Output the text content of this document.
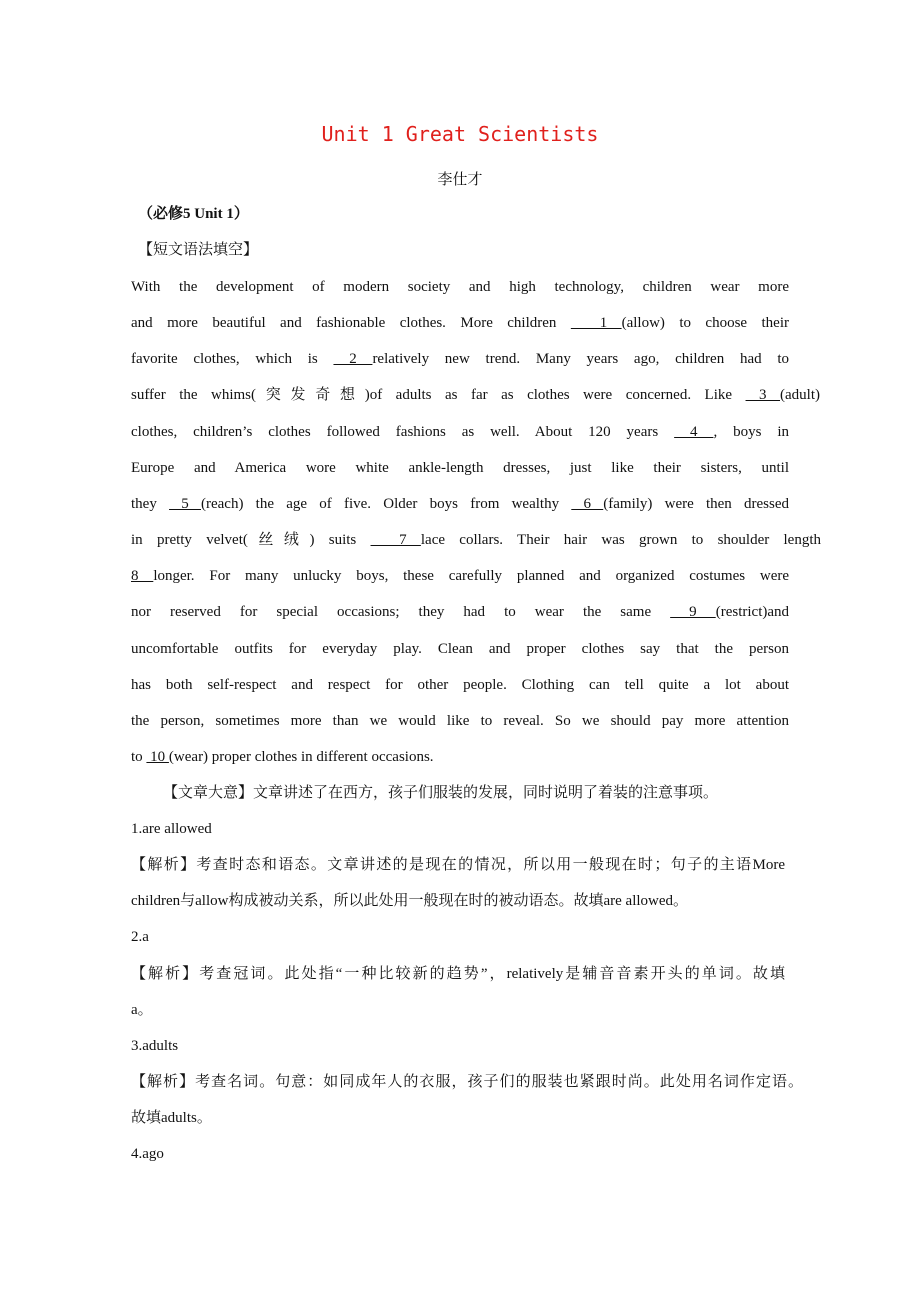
Unit 1 Great Scientists
李仕才
（必修5 Unit 1）
【短文语法填空】
With the development of modern society and high technology, children wear more
and more beautiful and fashionable clothes. More children   1 (allow) to choose their
favorite clothes, which is  2 relatively new trend. Many years ago, children had to
suffer the whims(突发奇想)of adults as far as clothes were concerned. Like  3 (adult)
clothes, children’s clothes followed fashions as well. About 120 years  4 , boys in
Europe and America wore white ankle-length dresses, just like their sisters, until
they  5 (reach) the age of five. Older boys from wealthy  6 (family) were then dressed
in pretty velvet(丝绒) suits   7 lace collars. Their hair was grown to shoulder length
8 longer. For many unlucky boys, these carefully planned and organized costumes were
nor reserved for special occasions; they had to wear the same  9 (restrict)and
uncomfortable outfits for everyday play. Clean and proper clothes say that the person
has both self-respect and respect for other people. Clothing can tell quite a lot about
the person, sometimes more than we would like to reveal. So we should pay more attention
to  10 (wear) proper clothes in different occasions.
【文章大意】文章讲述了在西方，孩子们服装的发展，同时说明了着装的注意事项。
1.are allowed
【解析】考查时态和语态。文章讲述的是现在的情况，所以用一般现在时；句子的主语More
children与allow构成被动关系，所以此处用一般现在时的被动语态。故填are allowed。
2.a
【解析】考查冠词。此处指“一种比较新的趋势”，relatively是辅音音素开头的单词。故填
a。
3.adults
【解析】考查名词。句意：如同成年人的衣服，孩子们的服装也紧跟时尚。此处用名词作定语。
故填adults。
4.ago
